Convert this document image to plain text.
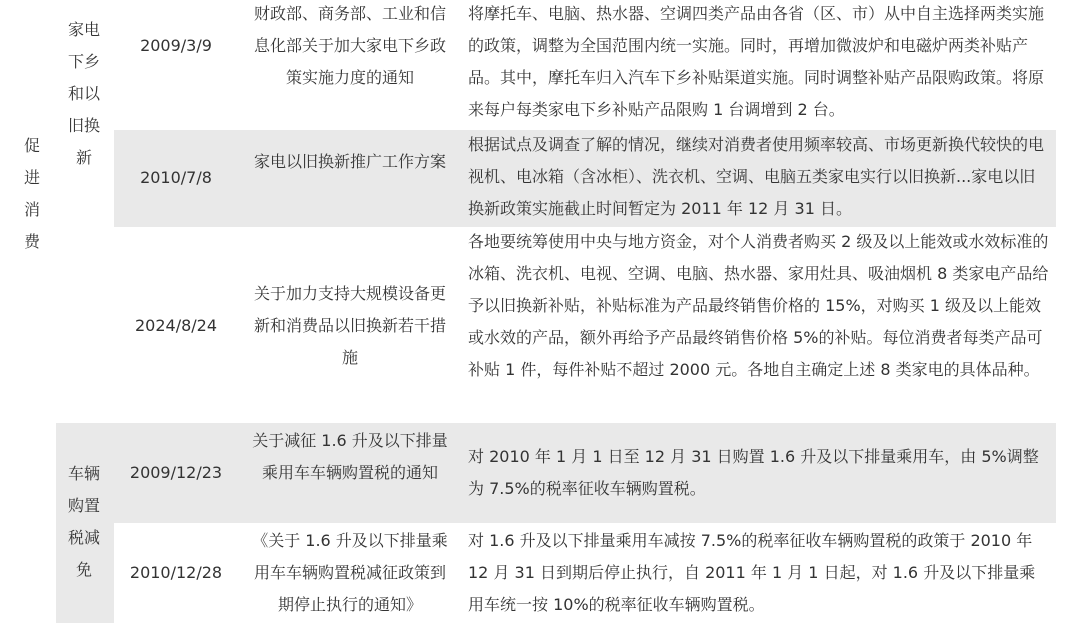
促进消费
家电下乡和以旧换新
车辆购置税减免
2009/3/9
财政部、商务部、工业和信息化部关于加大家电下乡政策实施力度的通知
将摩托车、电脑、热水器、空调四类产品由各省（区、市）从中自主选择两类实施的政策，调整为全国范围内统一实施。同时，再增加微波炉和电磁炉两类补贴产品。其中，摩托车归入汽车下乡补贴渠道实施。同时调整补贴产品限购政策。将原来每户每类家电下乡补贴产品限购 1 台调增到 2 台。
2010/7/8
家电以旧换新推广工作方案
根据试点及调查了解的情况，继续对消费者使用频率较高、市场更新换代较快的电视机、电冰箱（含冰柜）、洗衣机、空调、电脑五类家电实行以旧换新...家电以旧换新政策实施截止时间暂定为 2011 年 12 月 31 日。
2024/8/24
关于加力支持大规模设备更新和消费品以旧换新若干措施
各地要统筹使用中央与地方资金，对个人消费者购买 2 级及以上能效或水效标准的冰箱、洗衣机、电视、空调、电脑、热水器、家用灶具、吸油烟机 8 类家电产品给予以旧换新补贴，补贴标准为产品最终销售价格的 15%，对购买 1 级及以上能效或水效的产品，额外再给予产品最终销售价格 5%的补贴。每位消费者每类产品可补贴 1 件，每件补贴不超过 2000 元。各地自主确定上述 8 类家电的具体品种。
2009/12/23
关于减征 1.6 升及以下排量乘用车车辆购置税的通知
对 2010 年 1 月 1 日至 12 月 31 日购置 1.6 升及以下排量乘用车，由 5%调整为 7.5%的税率征收车辆购置税。
2010/12/28
《关于 1.6 升及以下排量乘用车车辆购置税减征政策到期停止执行的通知》
对 1.6 升及以下排量乘用车减按 7.5%的税率征收车辆购置税的政策于 2010 年 12 月 31 日到期后停止执行，自 2011 年 1 月 1 日起，对 1.6 升及以下排量乘用车统一按 10%的税率征收车辆购置税。
